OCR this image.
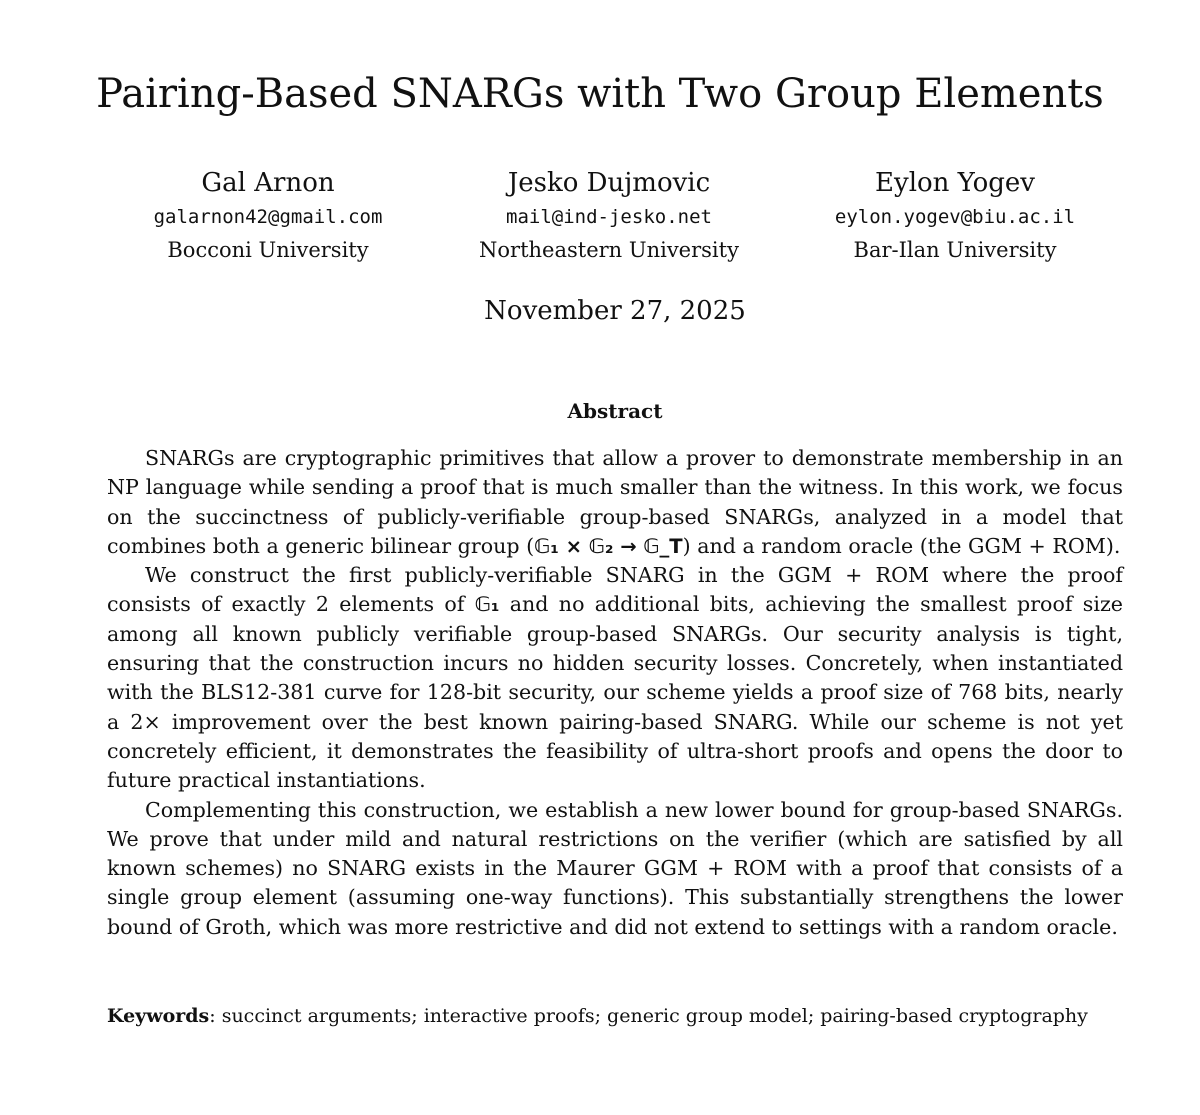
Pairing-Based SNARGs with Two Group Elements
Gal Arnon
galarnon42@gmail.com
Bocconi University
Jesko Dujmovic
mail@ind-jesko.net
Northeastern University
Eylon Yogev
eylon.yogev@biu.ac.il
Bar-Ilan University
November 27, 2025
Abstract

SNARGs are cryptographic primitives that allow a prover to demonstrate membership in an NP language while sending a proof that is much smaller than the witness. In this work, we focus on the succinctness of publicly-verifiable group-based SNARGs, analyzed in a model that combines both a generic bilinear group (𝔾₁ × 𝔾₂ → 𝔾_T) and a random oracle (the GGM + ROM).

We construct the first publicly-verifiable SNARG in the GGM + ROM where the proof consists of exactly 2 elements of 𝔾₁ and no additional bits, achieving the smallest proof size among all known publicly verifiable group-based SNARGs. Our security analysis is tight, ensuring that the construction incurs no hidden security losses. Concretely, when instantiated with the BLS12-381 curve for 128-bit security, our scheme yields a proof size of 768 bits, nearly a 2× improvement over the best known pairing-based SNARG. While our scheme is not yet concretely efficient, it demonstrates the feasibility of ultra-short proofs and opens the door to future practical instantiations.

Complementing this construction, we establish a new lower bound for group-based SNARGs. We prove that under mild and natural restrictions on the verifier (which are satisfied by all known schemes) no SNARG exists in the Maurer GGM + ROM with a proof that consists of a single group element (assuming one-way functions). This substantially strengthens the lower bound of Groth, which was more restrictive and did not extend to settings with a random oracle.

Keywords: succinct arguments; interactive proofs; generic group model; pairing-based cryptography
